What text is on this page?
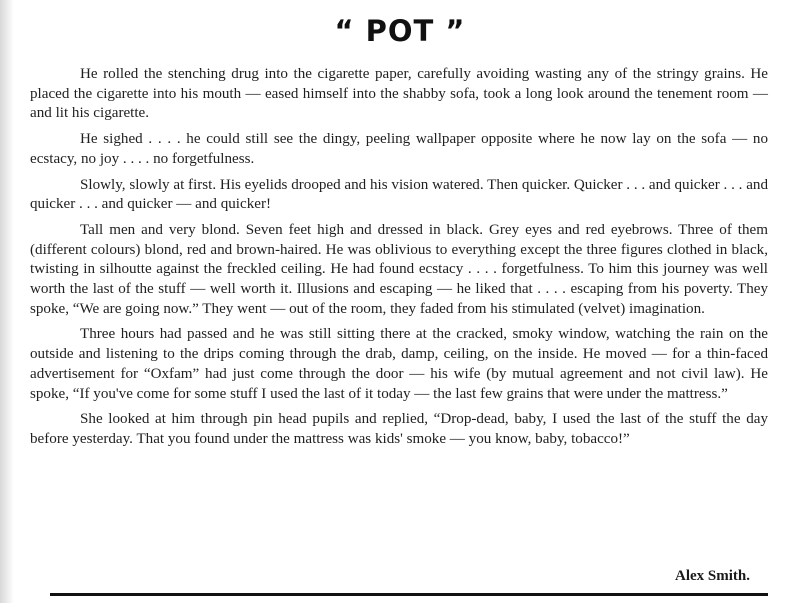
“ POT ”

He rolled the stenching drug into the cigarette paper, carefully avoiding wasting any of the stringy grains. He placed the cigarette into his mouth — eased himself into the shabby sofa, took a long look around the tenement room — and lit his cigarette.

He sighed . . . . he could still see the dingy, peeling wallpaper opposite where he now lay on the sofa — no ecstacy, no joy . . . . no forgetfulness.

Slowly, slowly at first. His eyelids drooped and his vision watered. Then quicker. Quicker . . . and quicker . . . and quicker . . . and quicker — and quicker!

Tall men and very blond. Seven feet high and dressed in black. Grey eyes and red eyebrows. Three of them (different colours) blond, red and brown-haired. He was oblivious to everything except the three figures clothed in black, twisting in silhoutte against the freckled ceiling. He had found ecstacy . . . . forgetfulness. To him this journey was well worth the last of the stuff — well worth it. Illusions and escaping — he liked that . . . . escaping from his poverty. They spoke, “We are going now.” They went — out of the room, they faded from his stimulated (velvet) imagination.

Three hours had passed and he was still sitting there at the cracked, smoky window, watching the rain on the outside and listening to the drips coming through the drab, damp, ceiling, on the inside. He moved — for a thin-faced advertisement for “Oxfam” had just come through the door — his wife (by mutual agreement and not civil law). He spoke, “If you've come for some stuff I used the last of it today — the last few grains that were under the mattress.”

She looked at him through pin head pupils and replied, “Drop-dead, baby, I used the last of the stuff the day before yesterday. That you found under the mattress was kids' smoke — you know, baby, tobacco!”

Alex Smith.
